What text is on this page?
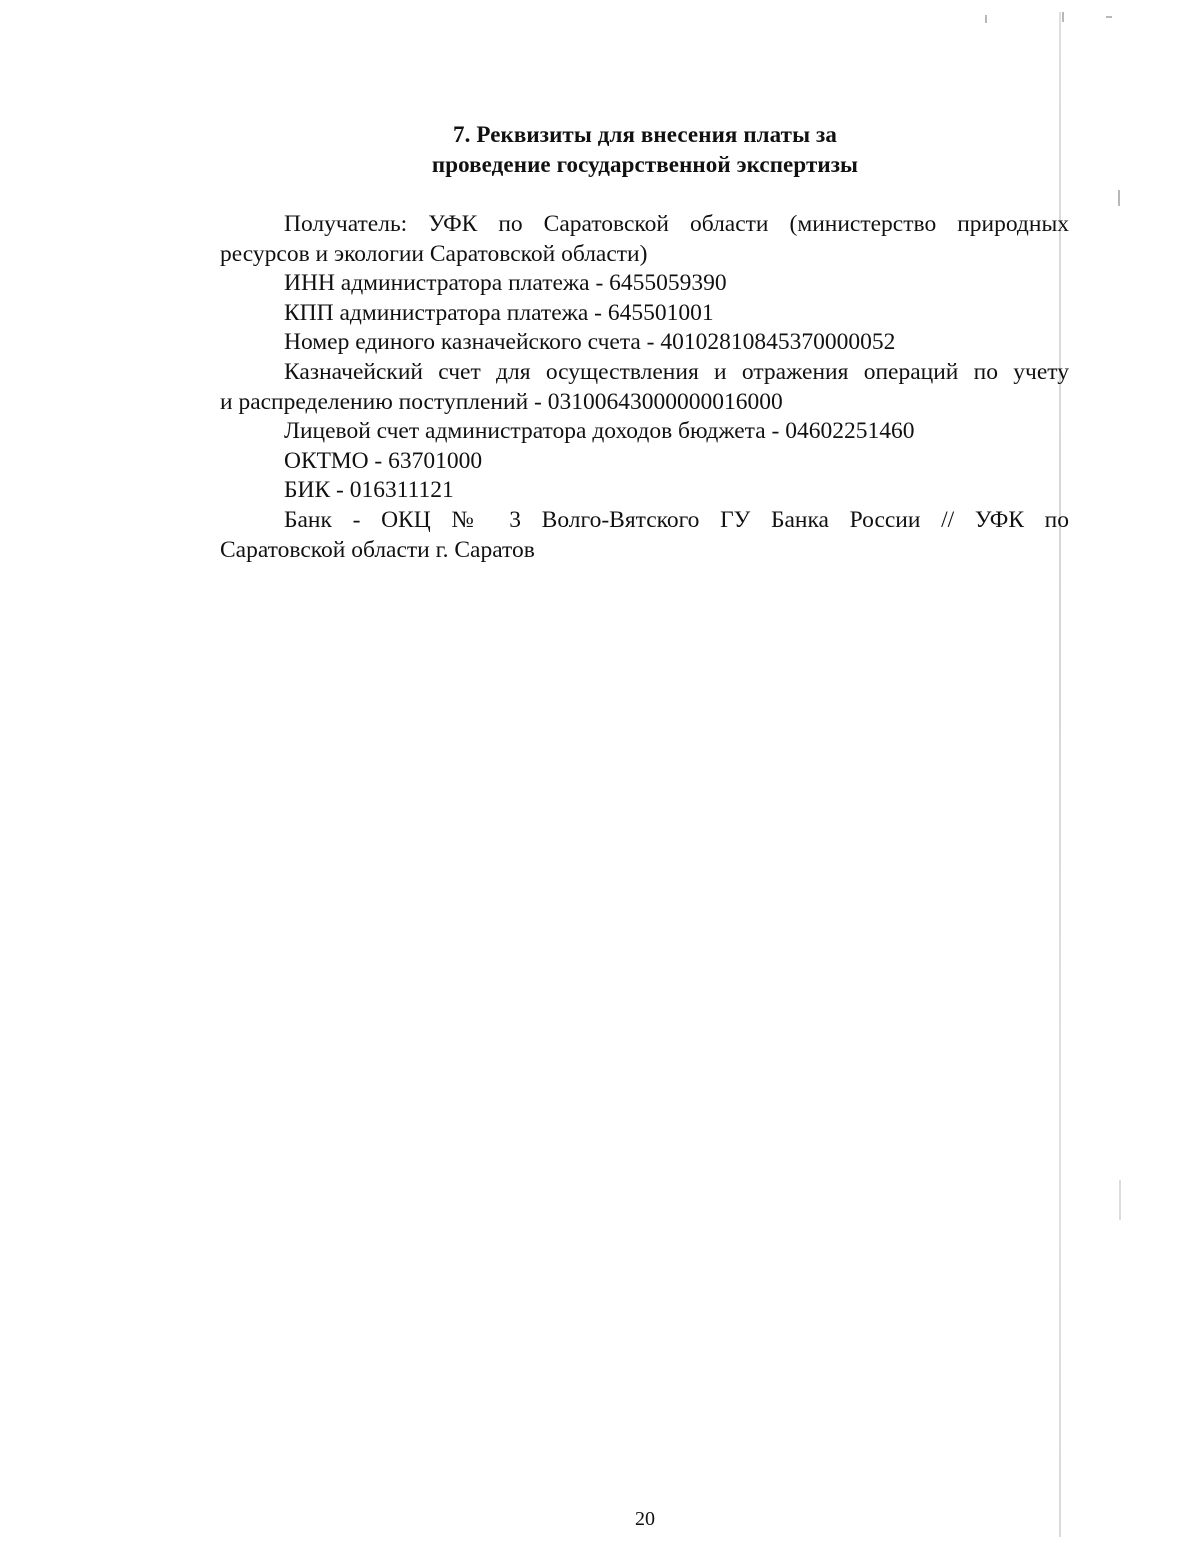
7. Реквизиты для внесения платы за
проведение государственной экспертизы
Получатель: УФК по Саратовской области (министерство природных
ресурсов и экологии Саратовской области)
ИНН администратора платежа - 6455059390
КПП администратора платежа - 645501001
Номер единого казначейского счета - 40102810845370000052
Казначейский счет для осуществления и отражения операций по учету
и распределению поступлений - 03100643000000016000
Лицевой счет администратора доходов бюджета - 04602251460
ОКТМО - 63701000
БИК - 016311121
Банк - ОКЦ № 3 Волго-Вятского ГУ Банка России // УФК по
Саратовской области г. Саратов
20
